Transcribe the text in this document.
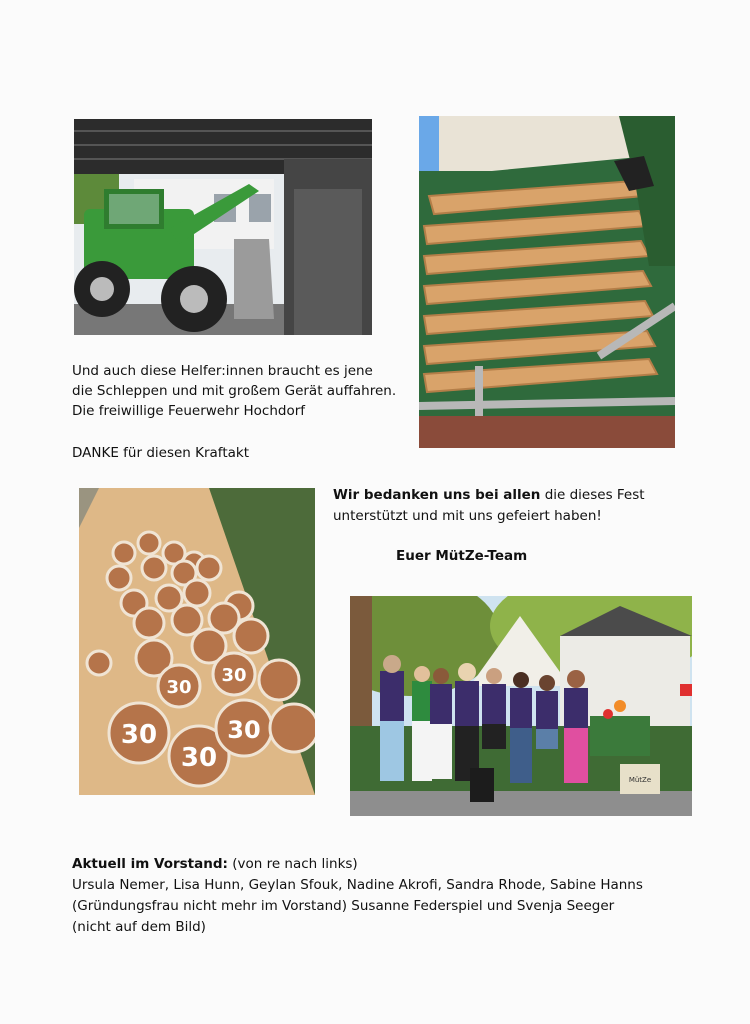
Und auch diese Helfer:innen braucht es jene
die Schleppen und mit großem Gerät auffahren.
Die freiwillige Feuerwehr Hochdorf
DANKE für diesen Kraftakt
30
30
30
30
30
Wir bedanken uns bei allen die dieses Fest
unterstützt und mit uns gefeiert haben!
Euer MütZe-Team
MütZe
Aktuell im Vorstand: (von re nach links)
Ursula Nemer, Lisa Hunn, Geylan Sfouk, Nadine Akrofi, Sandra Rhode, Sabine Hanns
(Gründungsfrau nicht mehr im Vorstand) Susanne Federspiel und Svenja Seeger
(nicht auf dem Bild)
